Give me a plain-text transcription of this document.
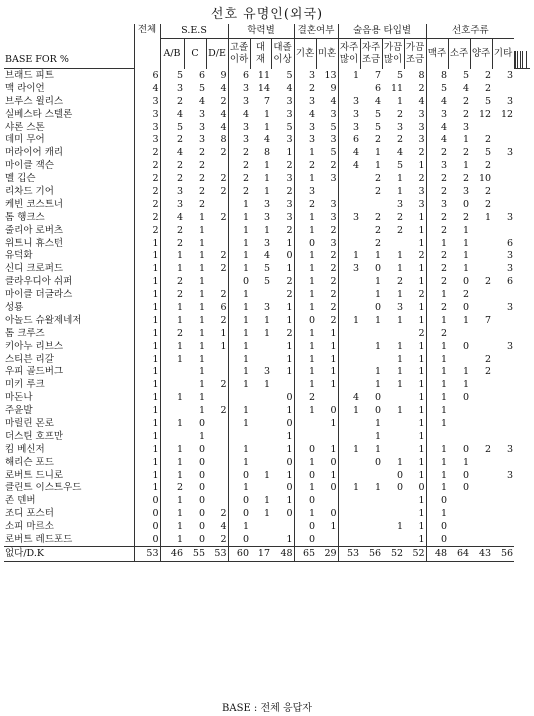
선호 유명인(외국)
	전체	S.E.S			학력별			결혼여부		술음용 타입별				선호주류											
		A/B	C	D/E	고졸이하	대재	대졸이상	기혼	미혼	자주많이	자주조금	가끔많이	가끔조금	맥주	소주	양주	기타								
BASE FOR %																	
브래드 피트	6	5	6	9	6	11	5	3	13	1	7	5	8	8	5	2	3								
맥 라이언	4	3	5	4	3	14	4	2	9		6	11	2	5	4	2									
브루스 윌리스	3	2	4	2	3	7	3	3	4	3	4	1	4	4	2	5	3								
실베스타 스텔론	3	4	3	4	4	1	3	4	3	3	5	2	3	3	2	12	12								
샤론 스톤	3	5	3	4	3	1	5	3	5	3	5	3	3	4	3										
데미 무어	3	2	3	8	3	4	3	3	3	6	2	2	3	4	1	2									
머라이어 캐리	2	4	2	2	2	8	1	1	5	4	1	4	2	2	2	5	3								
마이클 잭슨	2	2	2		2	1	2	2	2	4	1	5	1	3	1	2									
멜 깁슨	2	2	2	2	2	1	3	1	3		2	1	2	2	2	10									
리차드 기어	2	3	2	2	2	1	2	3			2	1	3	2	3	2									
케빈 코스트너	2	3	2		1	3	3	2	3			3	3	3	0	2									
톰 행크스	2	4	1	2	1	3	3	1	3	3	2	2	1	2	2	1	3								
줄리아 로버츠	2	2	1		1	1	2	1	2		2	2	1	2	1										
위트니 휴스턴	1	2	1		1	3	1	0	3		2		1	1	1		6								
유덕화	1	1	1	2	1	4	0	1	2	1	1	1	2	2	1		3								
신디 크로퍼드	1	1	1	2	1	5	1	1	2	3	0	1	1	2	1		3								
클라우디아 쉬퍼	1	2	1		0	5	2	1	2		1	2	1	2	0	2	6								
마이클 더글라스	1	2	1	2	1		2	1	2		1	1	2	1	2										
성룡	1	1	1	6	1	3	1	1	2		0	3	1	2	0		3								
아놀드 슈왈제네저	1	1	1	2	1	1	1	0	2	1	1	1	1	1	1	7									
톰 크루즈	1	2	1	1	1	1	2	1	1				2	2											
키아누 리브스	1	1	1	1	1		1	1	1		1	1	1	1	0		3								
스티븐 리갈	1	1	1		1		1	1	1			1	1	1		2									
우피 골드버그	1		1		1	3	1	1	1		1	1	1	1	1	2									
미키 루크	1		1	2	1	1		1	1		1	1	1	1	1										
마돈나	1	1	1				0	2		4	0		1	1	0										
주윤발	1		1	2	1		1	1	0	1	0	1	1	1											
마릴린 몬로	1	1	0		1		0		1		1		1	1											
더스틴 호프만	1		1				1				1		1												
킴 베신저	1	1	0		1		1	0	1	1	1		1	1	0	2	3								
해리슨 포드	1	1	0		1		0	1	0		0	1	1	1	1										
로버트 드니로	1	1	0		0	1	1	0	1			0	1	1	0		3								
클린트 이스트우드	1	2	0		1		0	1	0	1	1	0	0	1	0										
존 덴버	0	1	0		0	1	1	0					1	0											
조디 포스터	0	1	0	2	0	1	0	1	0				1	1											
소피 마르소	0	1	0	4	1			0	1			1	1	0											
로버트 레드포드	0	1	0	2	0		1	0					1	0											
없다/D.K	53	46	55	53	60	17	48	65	29	53	56	52	52	48	64	43	56								
BASE : 전체 응답자
